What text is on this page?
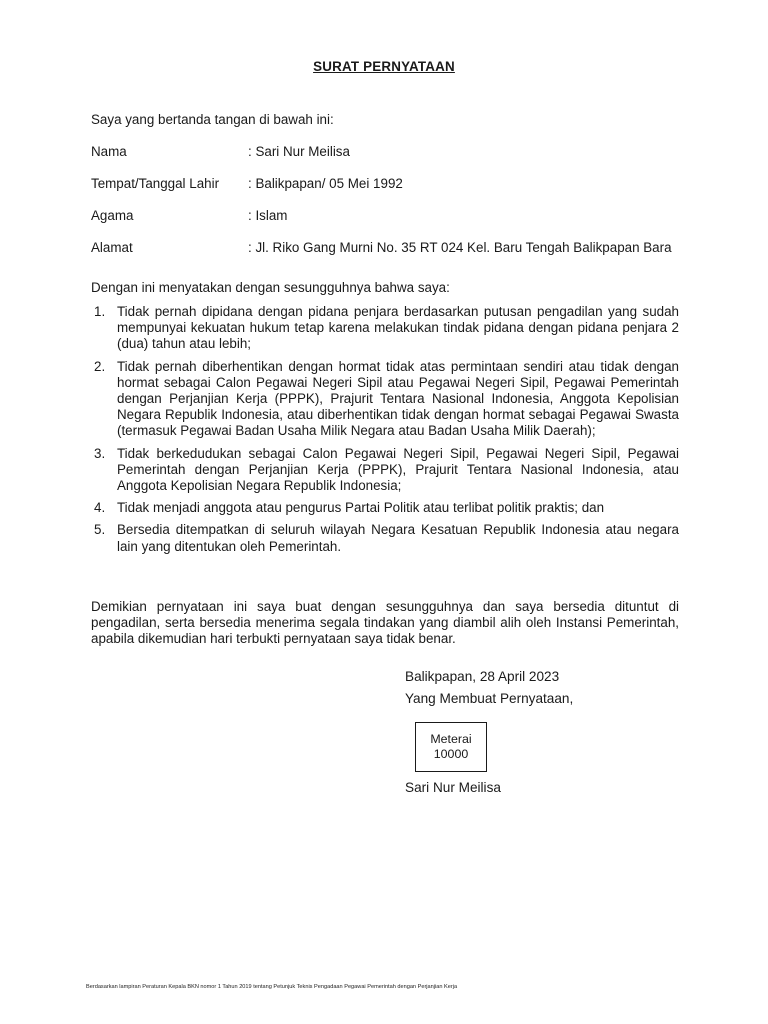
SURAT PERNYATAAN
Saya yang bertanda tangan di bawah ini:
Nama	: Sari Nur Meilisa
Tempat/Tanggal Lahir : Balikpapan/ 05 Mei 1992
Agama	: Islam
Alamat	: Jl. Riko Gang Murni No. 35 RT 024 Kel. Baru Tengah Balikpapan Bara
Dengan ini menyatakan dengan sesungguhnya bahwa saya:
1. Tidak pernah dipidana dengan pidana penjara berdasarkan putusan pengadilan yang sudah mempunyai kekuatan hukum tetap karena melakukan tindak pidana dengan pidana penjara 2 (dua) tahun atau lebih;
2. Tidak pernah diberhentikan dengan hormat tidak atas permintaan sendiri atau tidak dengan hormat sebagai Calon Pegawai Negeri Sipil atau Pegawai Negeri Sipil, Pegawai Pemerintah dengan Perjanjian Kerja (PPPK), Prajurit Tentara Nasional Indonesia, Anggota Kepolisian Negara Republik Indonesia, atau diberhentikan tidak dengan hormat sebagai Pegawai Swasta (termasuk Pegawai Badan Usaha Milik Negara atau Badan Usaha Milik Daerah);
3. Tidak berkedudukan sebagai Calon Pegawai Negeri Sipil, Pegawai Negeri Sipil, Pegawai Pemerintah dengan Perjanjian Kerja (PPPK), Prajurit Tentara Nasional Indonesia, atau Anggota Kepolisian Negara Republik Indonesia;
4. Tidak menjadi anggota atau pengurus Partai Politik atau terlibat politik praktis; dan
5. Bersedia ditempatkan di seluruh wilayah Negara Kesatuan Republik Indonesia atau negara lain yang ditentukan oleh Pemerintah.
Demikian pernyataan ini saya buat dengan sesungguhnya dan saya bersedia dituntut di pengadilan, serta bersedia menerima segala tindakan yang diambil alih oleh Instansi Pemerintah, apabila dikemudian hari terbukti pernyataan saya tidak benar.
Balikpapan, 28 April 2023
Yang Membuat Pernyataan,
Meterai
10000
Sari Nur Meilisa
Berdasarkan lampiran Peraturan Kepala BKN nomor 1 Tahun 2019 tentang Petunjuk Teknis Pengadaan Pegawai Pemerintah dengan Perjanjian Kerja
